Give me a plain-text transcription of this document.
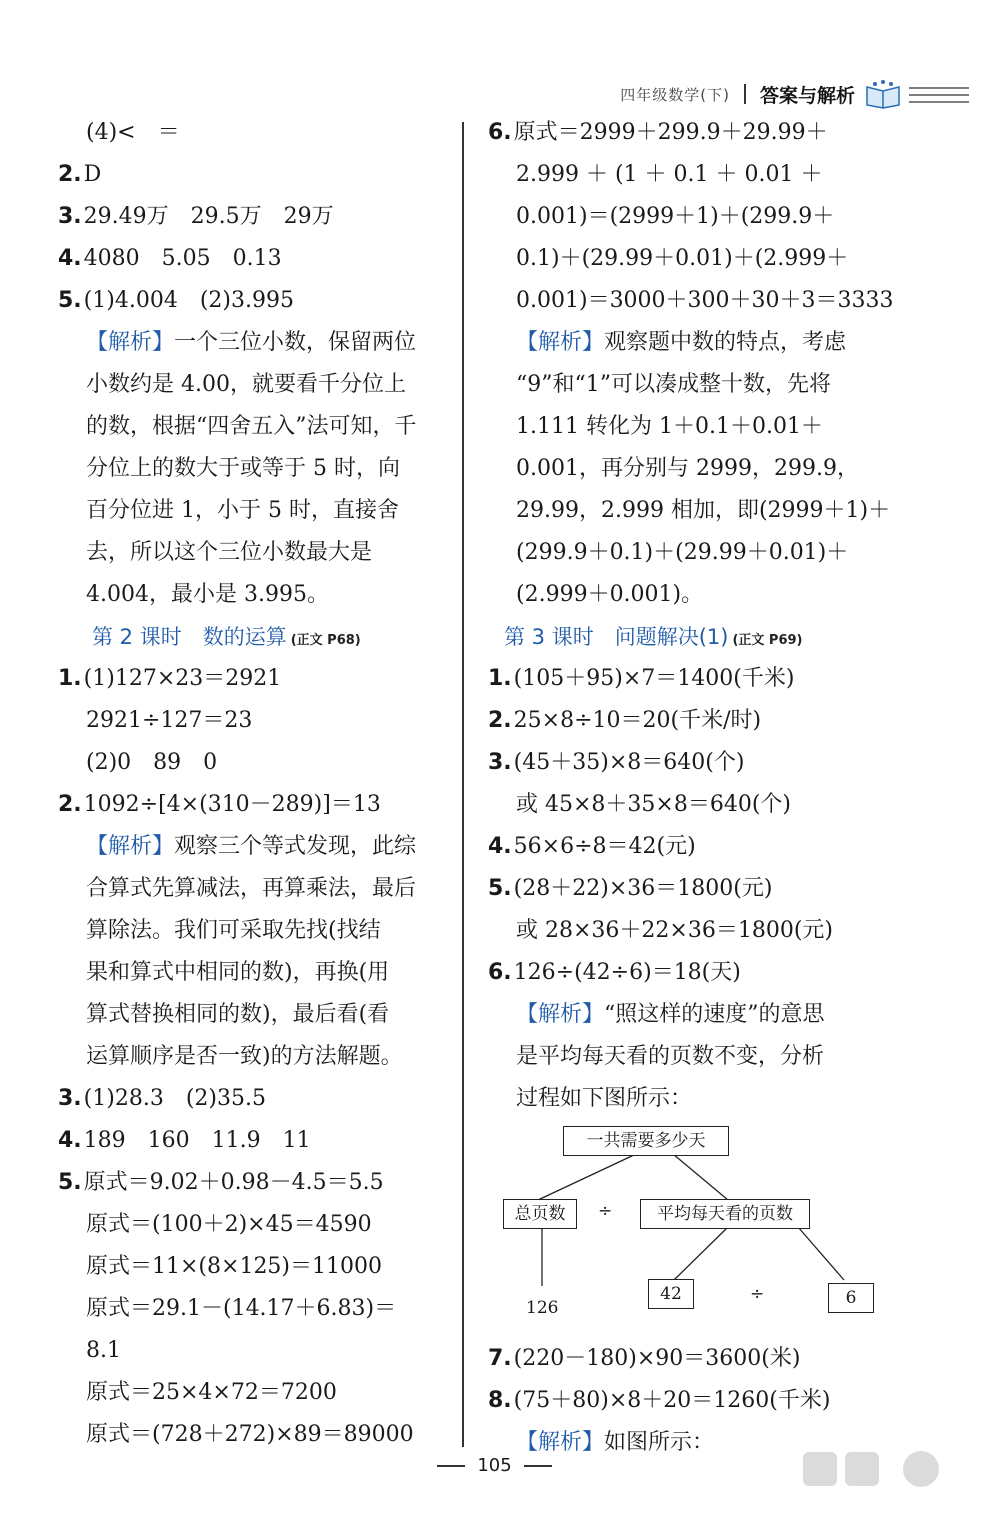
四年级数学(下) 答案与解析
(4)<　＝
2.D
3.29.49万　29.5万　29万
4.4080　5.05　0.13
5.(1)4.004　(2)3.995
【解析】一个三位小数，保留两位
小数约是 4.00，就要看千分位上
的数，根据“四舍五入”法可知，千
分位上的数大于或等于 5 时，向
百分位进 1，小于 5 时，直接舍
去，所以这个三位小数最大是
4.004，最小是 3.995。
第 2 课时　数的运算 (正文 P68)
1.(1)127×23＝2921
2921÷127＝23
(2)0　89　0
2.1092÷[4×(310－289)]＝13
【解析】观察三个等式发现，此综
合算式先算减法，再算乘法，最后
算除法。我们可采取先找(找结
果和算式中相同的数)，再换(用
算式替换相同的数)，最后看(看
运算顺序是否一致)的方法解题。
3.(1)28.3　(2)35.5
4.189　160　11.9　11
5.原式＝9.02＋0.98－4.5＝5.5
原式＝(100＋2)×45＝4590
原式＝11×(8×125)＝11000
原式＝29.1－(14.17＋6.83)＝
8.1
原式＝25×4×72＝7200
原式＝(728＋272)×89＝89000
6.原式＝2999＋299.9＋29.99＋
2.999 ＋ (1 ＋ 0.1 ＋ 0.01 ＋
0.001)＝(2999＋1)＋(299.9＋
0.1)＋(29.99＋0.01)＋(2.999＋
0.001)＝3000＋300＋30＋3＝3333
【解析】观察题中数的特点，考虑
“9”和“1”可以凑成整十数，先将
1.111 转化为 1＋0.1＋0.01＋
0.001，再分别与 2999，299.9，
29.99，2.999 相加，即(2999＋1)＋
(299.9＋0.1)＋(29.99＋0.01)＋
(2.999＋0.001)。
第 3 课时　问题解决(1) (正文 P69)
1.(105＋95)×7＝1400(千米)
2.25×8÷10＝20(千米/时)
3.(45＋35)×8＝640(个)
或 45×8＋35×8＝640(个)
4.56×6÷8＝42(元)
5.(28＋22)×36＝1800(元)
或 28×36＋22×36＝1800(元)
6.126÷(42÷6)＝18(天)
【解析】“照这样的速度”的意思
是平均每天看的页数不变，分析
过程如下图所示：
一共需要多少天
总页数	÷	平均每天看的页数
126
42	÷	6
7.(220－180)×90＝3600(米)
8.(75＋80)×8＋20＝1260(千米)
【解析】如图所示：
105
